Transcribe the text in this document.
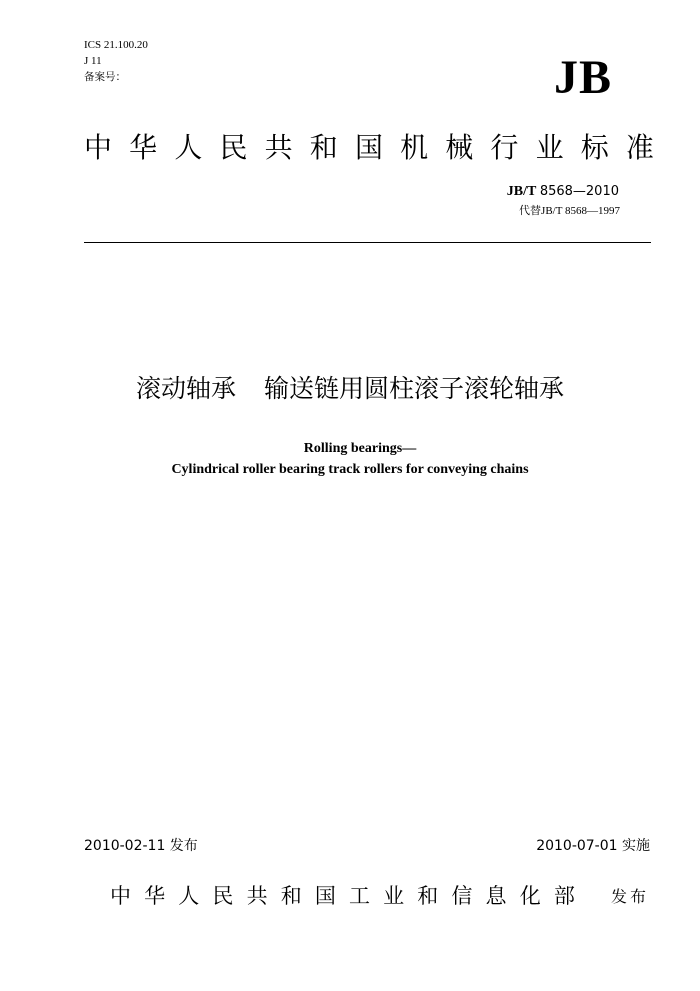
ICS 21.100.20
J 11
备案号：	JB
中 华 人 民 共 和 国 机 械 行 业 标 准
JB/T 8568—2010
代替JB/T 8568—1997
滚动轴承 输送链用圆柱滚子滚轮轴承
Rolling bearings—
Cylindrical roller bearing track rollers for conveying chains
2010-02-11 发布	2010-07-01 实施
中 华 人 民 共 和 国 工 业 和 信 息 化 部 发布
